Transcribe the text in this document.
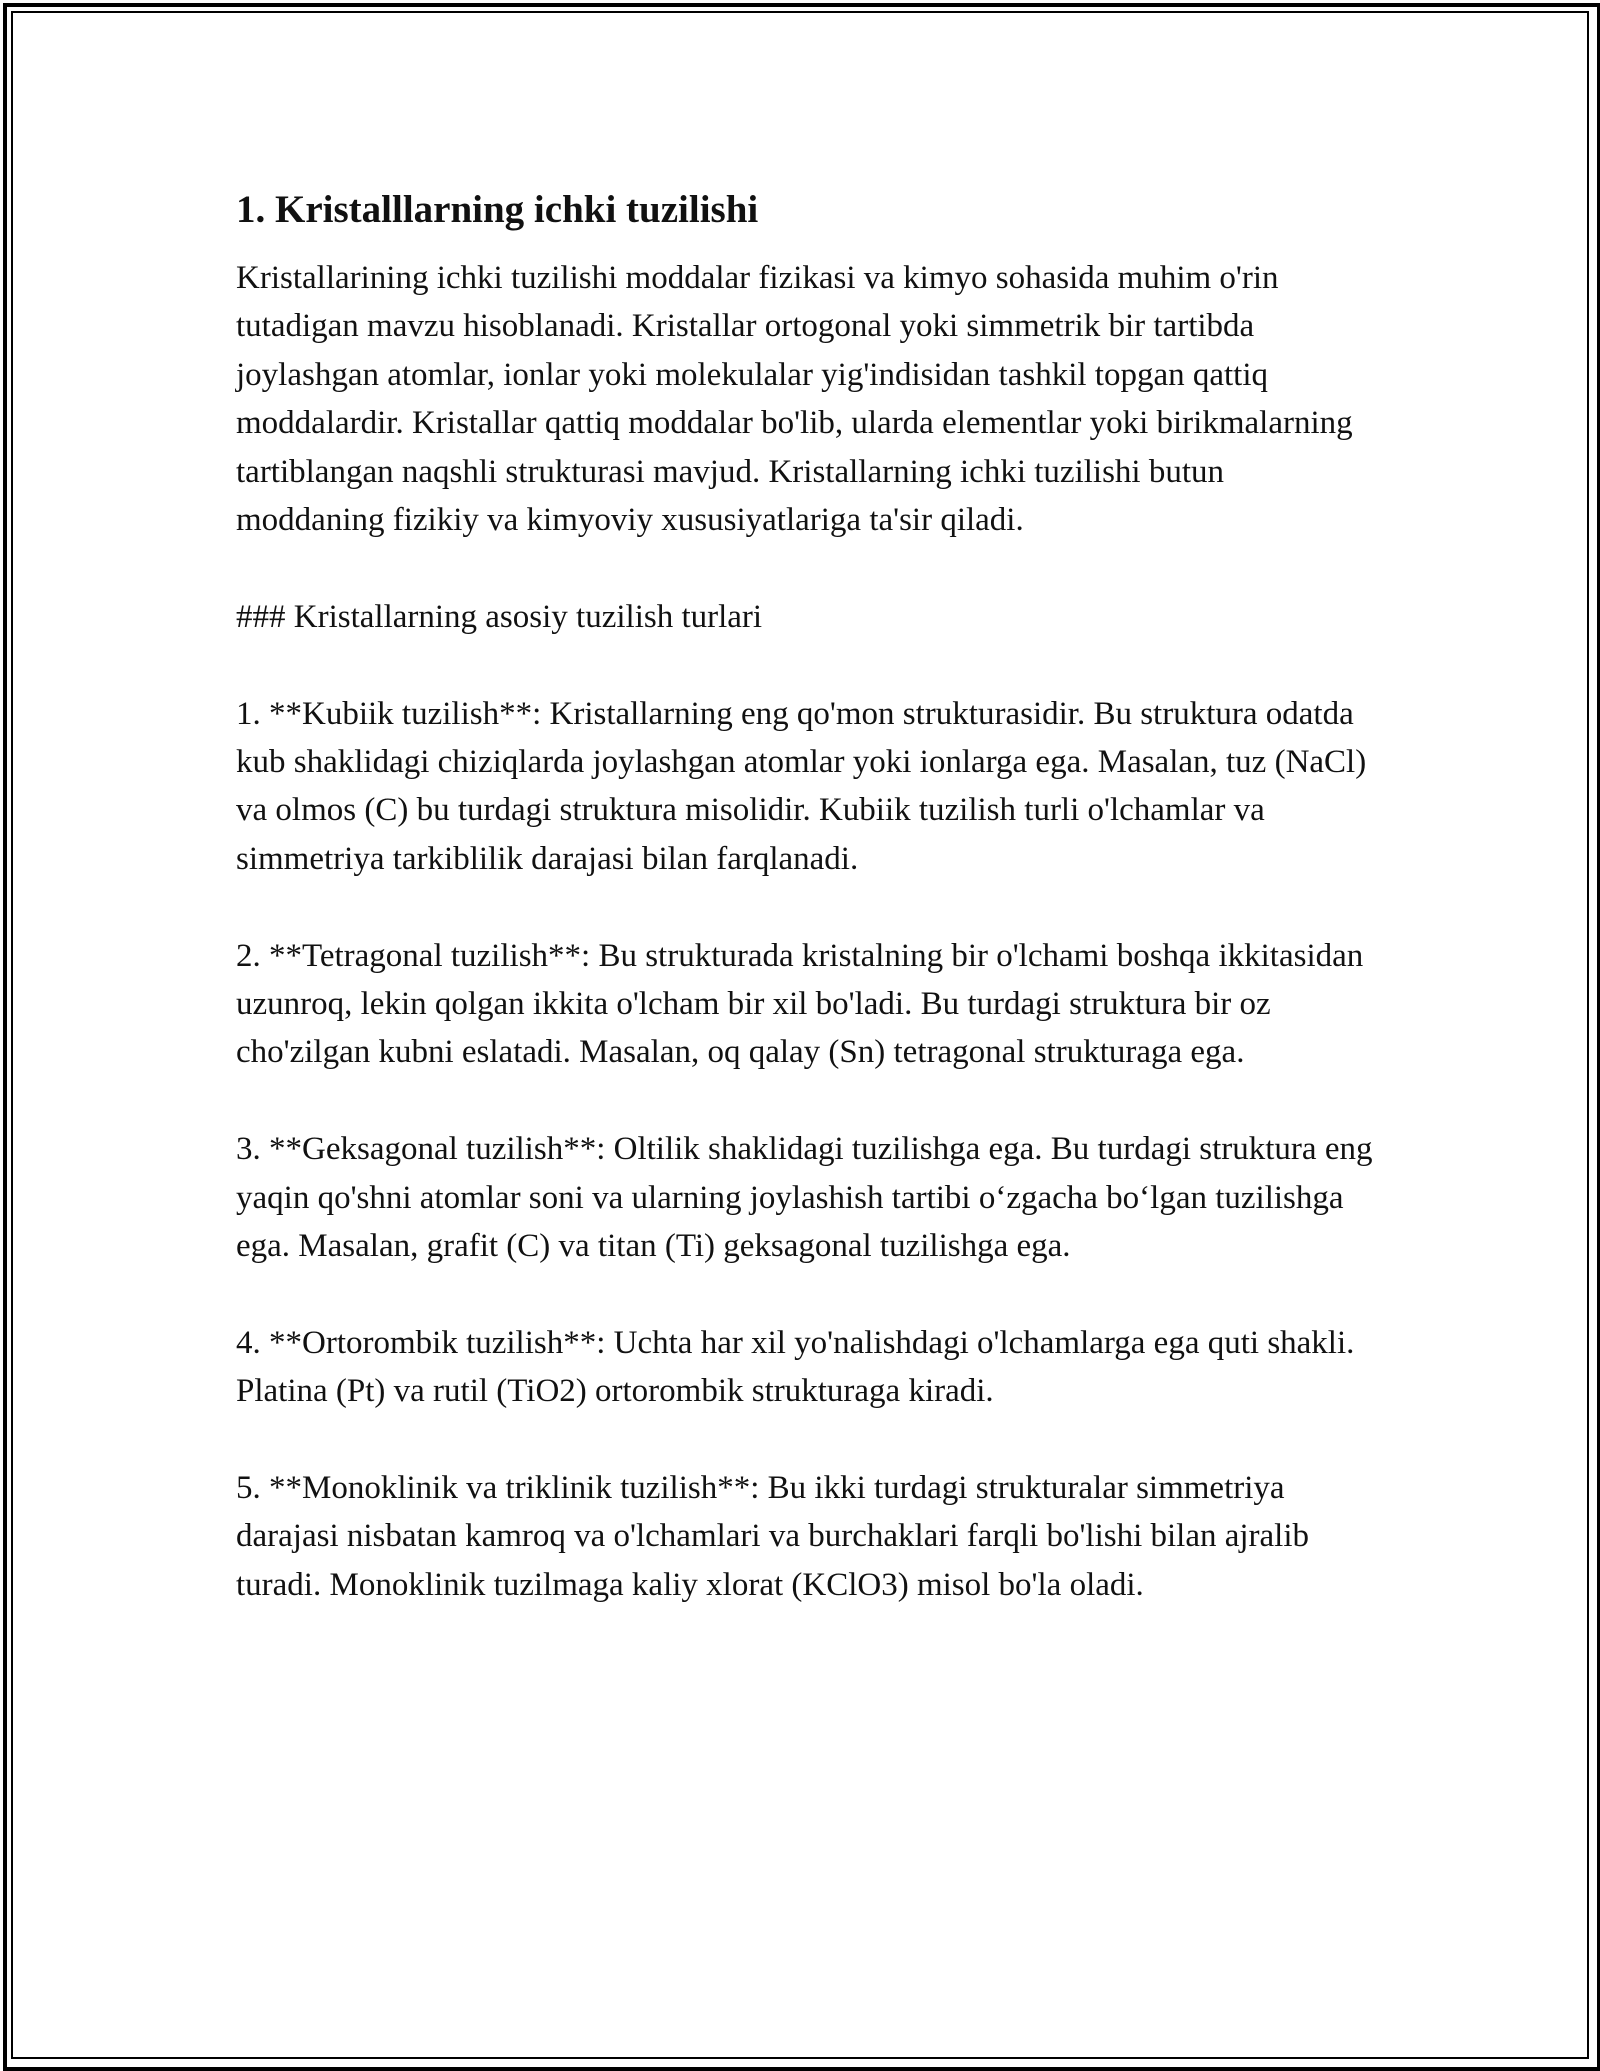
1. Kristalllarning ichki tuzilishi

Kristallarining ichki tuzilishi moddalar fizikasi va kimyo sohasida muhim o'rin tutadigan mavzu hisoblanadi. Kristallar ortogonal yoki simmetrik bir tartibda joylashgan atomlar, ionlar yoki molekulalar yig'indisidan tashkil topgan qattiq moddalardir. Kristallar qattiq moddalar bo'lib, ularda elementlar yoki birikmalarning tartiblangan naqshli strukturasi mavjud. Kristallarning ichki tuzilishi butun moddaning fizikiy va kimyoviy xususiyatlariga ta'sir qiladi.

### Kristallarning asosiy tuzilish turlari

1. **Kubiik tuzilish**: Kristallarning eng qo'mon strukturasidir. Bu struktura odatda kub shaklidagi chiziqlarda joylashgan atomlar yoki ionlarga ega. Masalan, tuz (NaCl) va olmos (C) bu turdagi struktura misolidir. Kubiik tuzilish turli o'lchamlar va simmetriya tarkiblilik darajasi bilan farqlanadi.

2. **Tetragonal tuzilish**: Bu strukturada kristalning bir o'lchami boshqa ikkitasidan uzunroq, lekin qolgan ikkita o'lcham bir xil bo'ladi. Bu turdagi struktura bir oz cho'zilgan kubni eslatadi. Masalan, oq qalay (Sn) tetragonal strukturaga ega.

3. **Geksagonal tuzilish**: Oltilik shaklidagi tuzilishga ega. Bu turdagi struktura eng yaqin qo'shni atomlar soni va ularning joylashish tartibi o‘zgacha bo‘lgan tuzilishga ega. Masalan, grafit (C) va titan (Ti) geksagonal tuzilishga ega.

4. **Ortorombik tuzilish**: Uchta har xil yo'nalishdagi o'lchamlarga ega quti shakli. Platina (Pt) va rutil (TiO2) ortorombik strukturaga kiradi.

5. **Monoklinik va triklinik tuzilish**: Bu ikki turdagi strukturalar simmetriya darajasi nisbatan kamroq va o'lchamlari va burchaklari farqli bo'lishi bilan ajralib turadi. Monoklinik tuzilmaga kaliy xlorat (KClO3) misol bo'la oladi.
